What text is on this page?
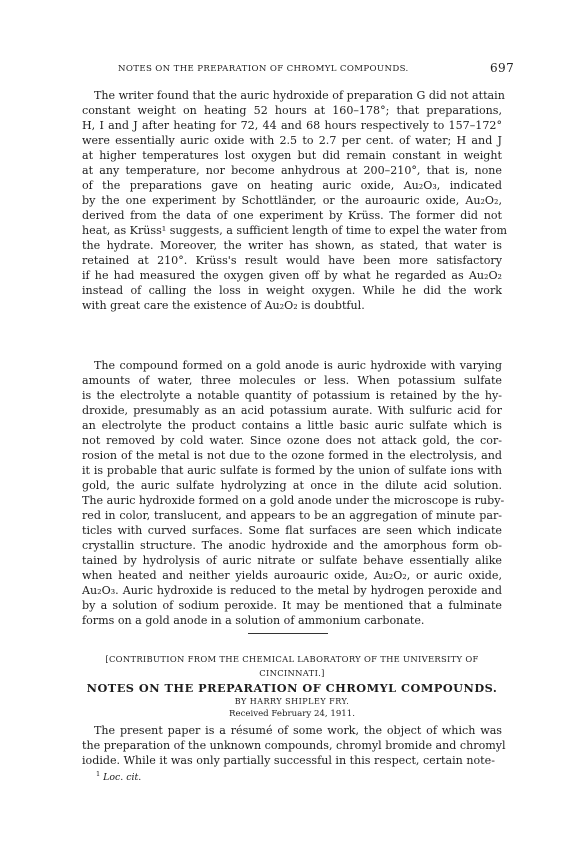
NOTES ON THE PREPARATION OF CHROMYL COMPOUNDS.	697
The writer found that the auric hydroxide of preparation G did not attain
constant weight on heating 52 hours at 160–178°; that preparations,
H, I and J after heating for 72, 44 and 68 hours respectively to 157–172°
were essentially auric oxide with 2.5 to 2.7 per cent. of water; H and J
at higher temperatures lost oxygen but did remain constant in weight
at any temperature, nor become anhydrous at 200–210°, that is, none
of the preparations gave on heating auric oxide, Au₂O₃, indicated
by the one experiment by Schottländer, or the auroauric oxide, Au₂O₂,
derived from the data of one experiment by Krüss. The former did not
heat, as Krüss¹ suggests, a sufficient length of time to expel the water from
the hydrate. Moreover, the writer has shown, as stated, that water is
retained at 210°. Krüss's result would have been more satisfactory
if he had measured the oxygen given off by what he regarded as Au₂O₂
instead of calling the loss in weight oxygen. While he did the work
with great care the existence of Au₂O₂ is doubtful.
The compound formed on a gold anode is auric hydroxide with varying
amounts of water, three molecules or less. When potassium sulfate
is the electrolyte a notable quantity of potassium is retained by the hy-
droxide, presumably as an acid potassium aurate. With sulfuric acid for
an electrolyte the product contains a little basic auric sulfate which is
not removed by cold water. Since ozone does not attack gold, the cor-
rosion of the metal is not due to the ozone formed in the electrolysis, and
it is probable that auric sulfate is formed by the union of sulfate ions with
gold, the auric sulfate hydrolyzing at once in the dilute acid solution.
The auric hydroxide formed on a gold anode under the microscope is ruby-
red in color, translucent, and appears to be an aggregation of minute par-
ticles with curved surfaces. Some flat surfaces are seen which indicate
crystallin structure. The anodic hydroxide and the amorphous form ob-
tained by hydrolysis of auric nitrate or sulfate behave essentially alike
when heated and neither yields auroauric oxide, Au₂O₂, or auric oxide,
Au₂O₃. Auric hydroxide is reduced to the metal by hydrogen peroxide and
by a solution of sodium peroxide. It may be mentioned that a fulminate
forms on a gold anode in a solution of ammonium carbonate.
[CONTRIBUTION FROM THE CHEMICAL LABORATORY OF THE UNIVERSITY OF
CINCINNATI.]
NOTES ON THE PREPARATION OF CHROMYL COMPOUNDS.
BY HARRY SHIPLEY FRY.
Received February 24, 1911.
The present paper is a résumé of some work, the object of which was
the preparation of the unknown compounds, chromyl bromide and chromyl
iodide. While it was only partially successful in this respect, certain note-
$^1$ Loc. cit.
